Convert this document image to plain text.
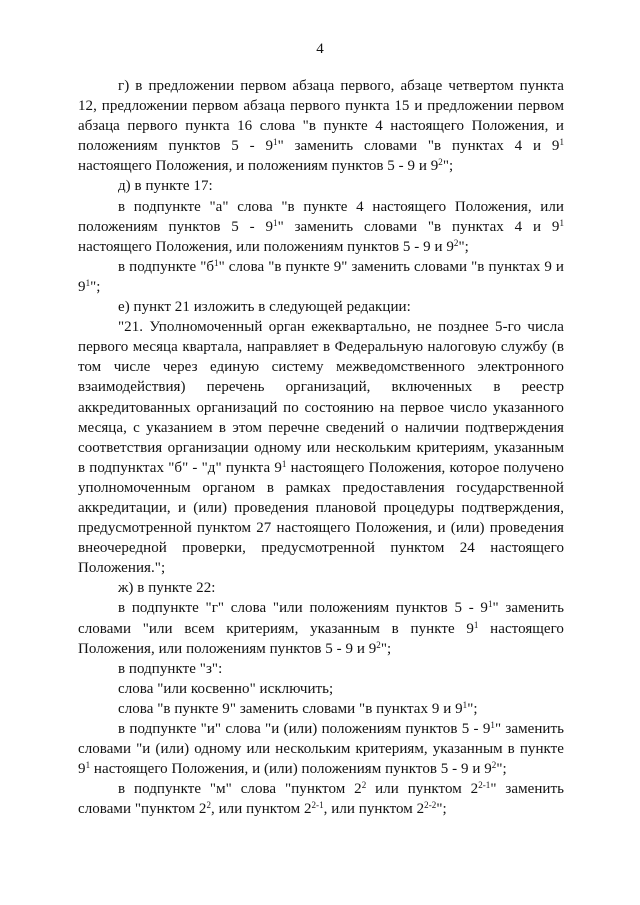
4

г) в предложении первом абзаца первого, абзаце четвертом пункта 12, предложении первом абзаца первого пункта 15 и предложении первом абзаца первого пункта 16 слова "в пункте 4 настоящего Положения, и положениям пунктов $5 - 9^1$" заменить словами "в пунктах 4 и $9^1$ настоящего Положения, и положениям пунктов 5 - 9 и $9^2$";

д) в пункте 17:

в подпункте "а" слова "в пункте 4 настоящего Положения, или положениям пунктов $5 - 9^1$" заменить словами "в пунктах 4 и $9^1$ настоящего Положения, или положениям пунктов 5 - 9 и $9^2$";

в подпункте "$б^1$" слова "в пункте 9" заменить словами "в пунктах 9 и $9^1$";

е) пункт 21 изложить в следующей редакции:

"21. Уполномоченный орган ежеквартально, не позднее 5-го числа первого месяца квартала, направляет в Федеральную налоговую службу (в том числе через единую систему межведомственного электронного взаимодействия) перечень организаций, включенных в реестр аккредитованных организаций по состоянию на первое число указанного месяца, с указанием в этом перечне сведений о наличии подтверждения соответствия организации одному или нескольким критериям, указанным в подпунктах "б" - "д" пункта $9^1$ настоящего Положения, которое получено уполномоченным органом в рамках предоставления государственной аккредитации, и (или) проведения плановой процедуры подтверждения, предусмотренной пунктом 27 настоящего Положения, и (или) проведения внеочередной проверки, предусмотренной пунктом 24 настоящего Положения.";

ж) в пункте 22:

в подпункте "г" слова "или положениям пунктов $5 - 9^1$" заменить словами "или всем критериям, указанным в пункте $9^1$ настоящего Положения, или положениям пунктов 5 - 9 и $9^2$";

в подпункте "з":

слова "или косвенно" исключить;

слова "в пункте 9" заменить словами "в пунктах 9 и $9^1$";

в подпункте "и" слова "и (или) положениям пунктов $5 - 9^1$" заменить словами "и (или) одному или нескольким критериям, указанным в пункте $9^1$ настоящего Положения, и (или) положениям пунктов 5 - 9 и $9^2$";

в подпункте "м" слова "пунктом $2^2$ или пунктом 2$^{2-1}$" заменить словами "пунктом $2^2$, или пунктом 2$^{2-1}$, или пунктом 2$^{2-2}$";
